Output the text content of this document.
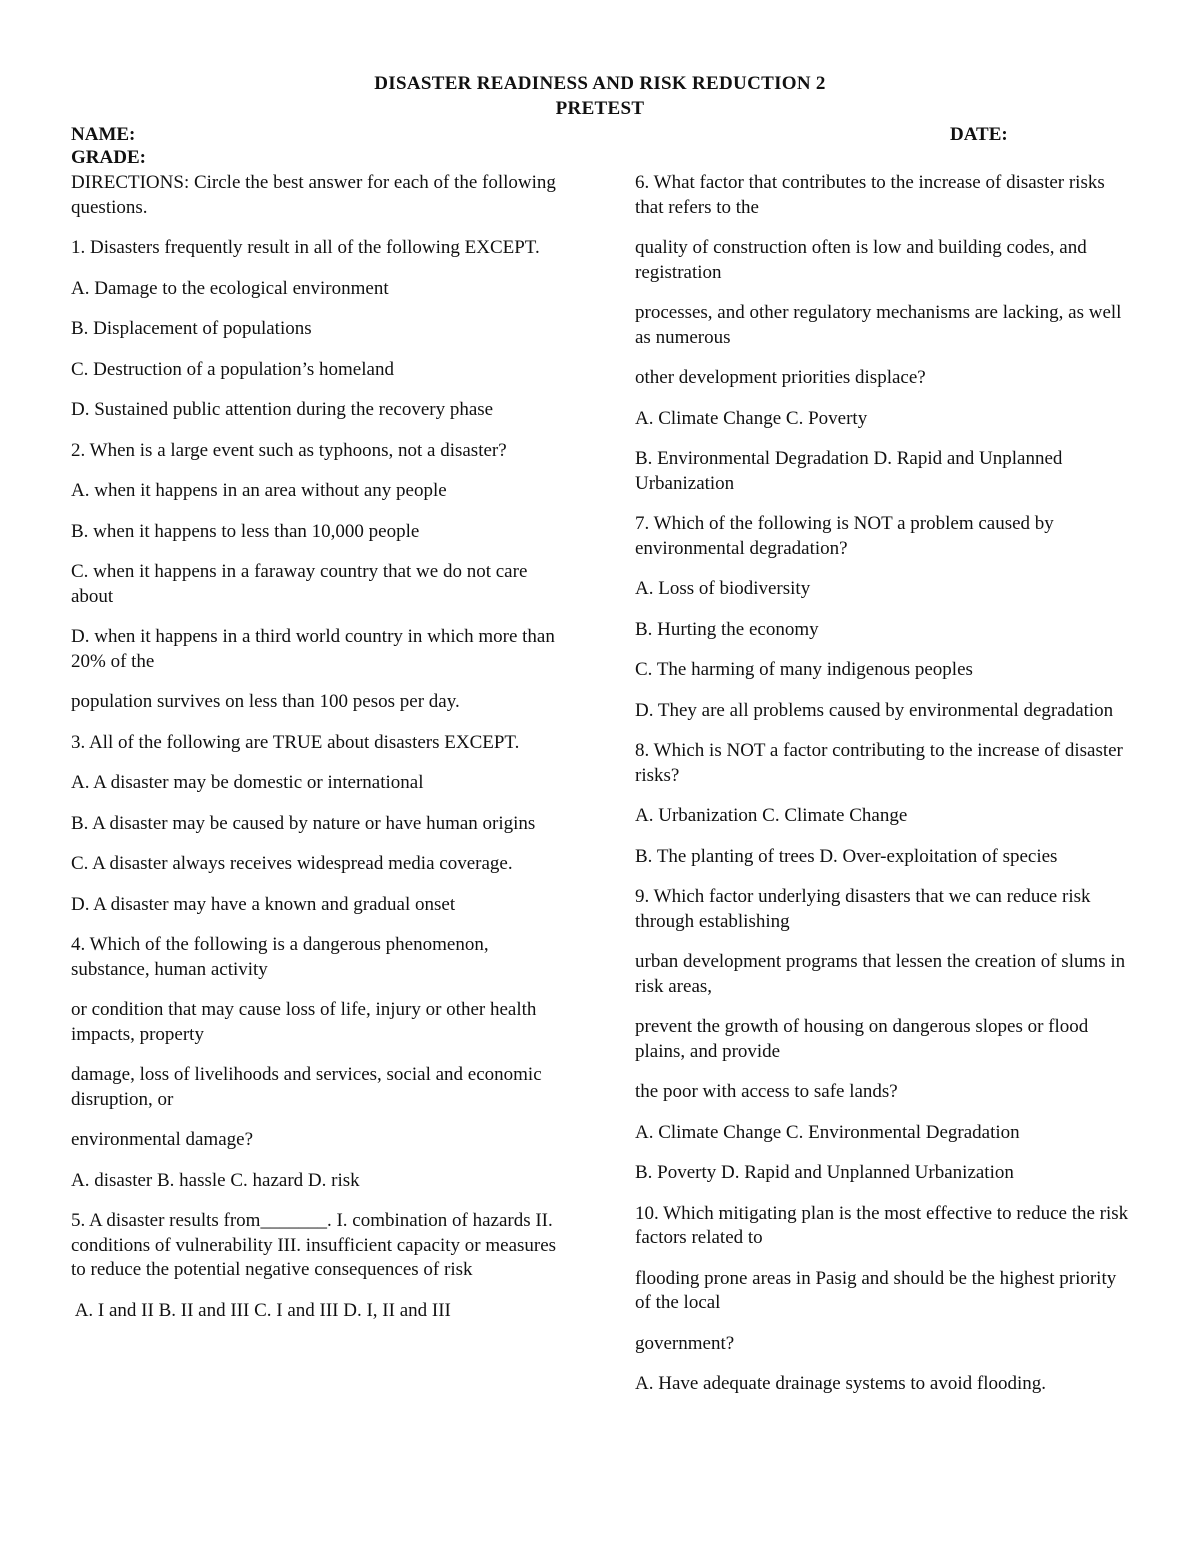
DISASTER READINESS AND RISK REDUCTION 2
PRETEST
NAME:	DATE:
GRADE:

DIRECTIONS: Circle the best answer for each of the following questions.

1. Disasters frequently result in all of the following EXCEPT.

A. Damage to the ecological environment

B. Displacement of populations

C. Destruction of a population’s homeland

D. Sustained public attention during the recovery phase

2. When is a large event such as typhoons, not a disaster?

A. when it happens in an area without any people

B. when it happens to less than 10,000 people

C. when it happens in a faraway country that we do not care about

D. when it happens in a third world country in which more than 20% of the

population survives on less than 100 pesos per day.

3. All of the following are TRUE about disasters EXCEPT.

A. A disaster may be domestic or international

B. A disaster may be caused by nature or have human origins

C. A disaster always receives widespread media coverage.

D. A disaster may have a known and gradual onset

4. Which of the following is a dangerous phenomenon, substance, human activity

or condition that may cause loss of life, injury or other health impacts, property

damage, loss of livelihoods and services, social and economic disruption, or

environmental damage?

A. disaster B. hassle C. hazard D. risk

5. A disaster results from_______. I. combination of hazards II. conditions of vulnerability III. insufficient capacity or measures to reduce the potential negative consequences of risk

A. I and II B. II and III C. I and III D. I, II and III

6. What factor that contributes to the increase of disaster risks that refers to the

quality of construction often is low and building codes, and registration

processes, and other regulatory mechanisms are lacking, as well as numerous

other development priorities displace?

A. Climate Change C. Poverty

B. Environmental Degradation D. Rapid and Unplanned Urbanization

7. Which of the following is NOT a problem caused by environmental degradation?

A. Loss of biodiversity

B. Hurting the economy

C. The harming of many indigenous peoples

D. They are all problems caused by environmental degradation

8. Which is NOT a factor contributing to the increase of disaster risks?

A. Urbanization C. Climate Change

B. The planting of trees D. Over-exploitation of species

9. Which factor underlying disasters that we can reduce risk through establishing

urban development programs that lessen the creation of slums in risk areas,

prevent the growth of housing on dangerous slopes or flood plains, and provide

the poor with access to safe lands?

A. Climate Change C. Environmental Degradation

B. Poverty D. Rapid and Unplanned Urbanization

10. Which mitigating plan is the most effective to reduce the risk factors related to

flooding prone areas in Pasig and should be the highest priority of the local

government?

A. Have adequate drainage systems to avoid flooding.
